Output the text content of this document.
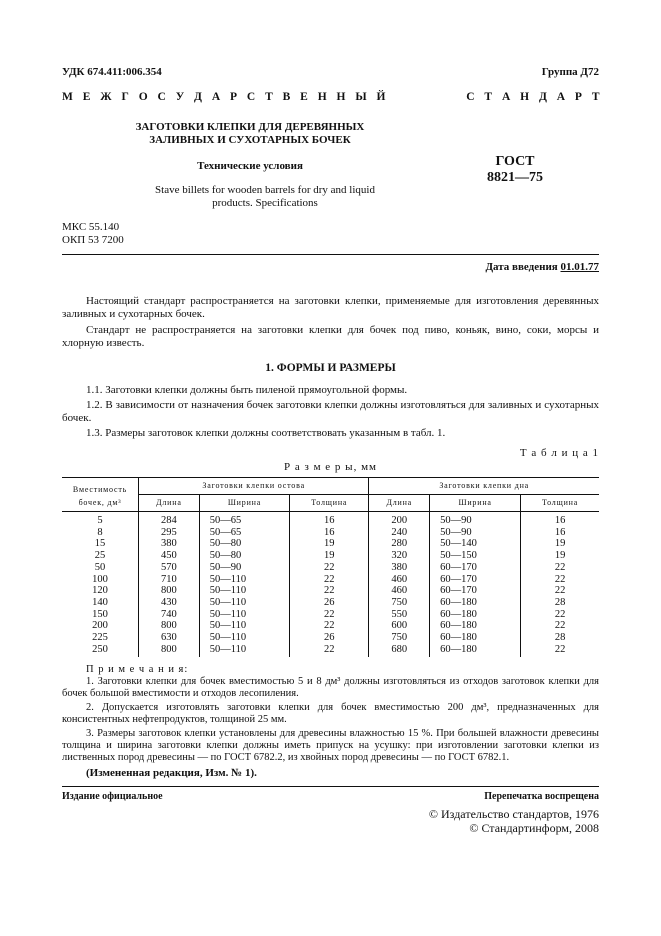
УДК 674.411:006.354	Группа Д72
М Е Ж Г О С У Д А Р С Т В Е Н Н Ы Й	С Т А Н Д А Р Т
ЗАГОТОВКИ КЛЕПКИ ДЛЯ ДЕРЕВЯННЫХ
ЗАЛИВНЫХ И СУХОТАРНЫХ БОЧЕК
Технические условия
Stave billets for wooden barrels for dry and liquid products. Specifications
ГОСТ
8821—75
МКС 55.140
ОКП 53 7200
Дата введения 01.01.77
Настоящий стандарт распространяется на заготовки клепки, применяемые для изготовления деревянных заливных и сухотарных бочек.
Стандарт не распространяется на заготовки клепки для бочек под пиво, коньяк, вино, соки, морсы и хлорную известь.
1. ФОРМЫ И РАЗМЕРЫ
1.1. Заготовки клепки должны быть пиленой прямоугольной формы.
1.2. В зависимости от назначения бочек заготовки клепки должны изготовляться для заливных и сухотарных бочек.
1.3. Размеры заготовок клепки должны соответствовать указанным в табл. 1.
Т а б л и ц а 1
Р а з м е р ы, мм
Вместимость бочек, дм³	Заготовки клепки остова			Заготовки клепки дна		
	Длина	Ширина	Толщина	Длина	Ширина	Толщина
5	284	50—65	16	200	50—90	16
8	295	50—65	16	240	50—90	16
15	380	50—80	19	280	50—140	19
25	450	50—80	19	320	50—150	19
50	570	50—90	22	380	60—170	22
100	710	50—110	22	460	60—170	22
120	800	50—110	22	460	60—170	22
140	430	50—110	26	750	60—180	28
150	740	50—110	22	550	60—180	22
200	800	50—110	22	600	60—180	22
225	630	50—110	26	750	60—180	28
250	800	50—110	22	680	60—180	22
П р и м е ч а н и я:
1. Заготовки клепки для бочек вместимостью 5 и 8 дм³ должны изготовляться из отходов заготовок клепки для бочек большой вместимости и отходов лесопиления.
2. Допускается изготовлять заготовки клепки для бочек вместимостью 200 дм³, предназначенных для консистентных нефтепродуктов, толщиной 25 мм.
3. Размеры заготовок клепки установлены для древесины влажностью 15 %. При большей влажности древесины толщина и ширина заготовки клепки должны иметь припуск на усушку: при изготовлении заготовки клепки из лиственных пород древесины — по ГОСТ 6782.2, из хвойных пород древесины — по ГОСТ 6782.1.
(Измененная редакция, Изм. № 1).
Издание официальное	Перепечатка воспрещена
© Издательство стандартов, 1976
© Стандартинформ, 2008
